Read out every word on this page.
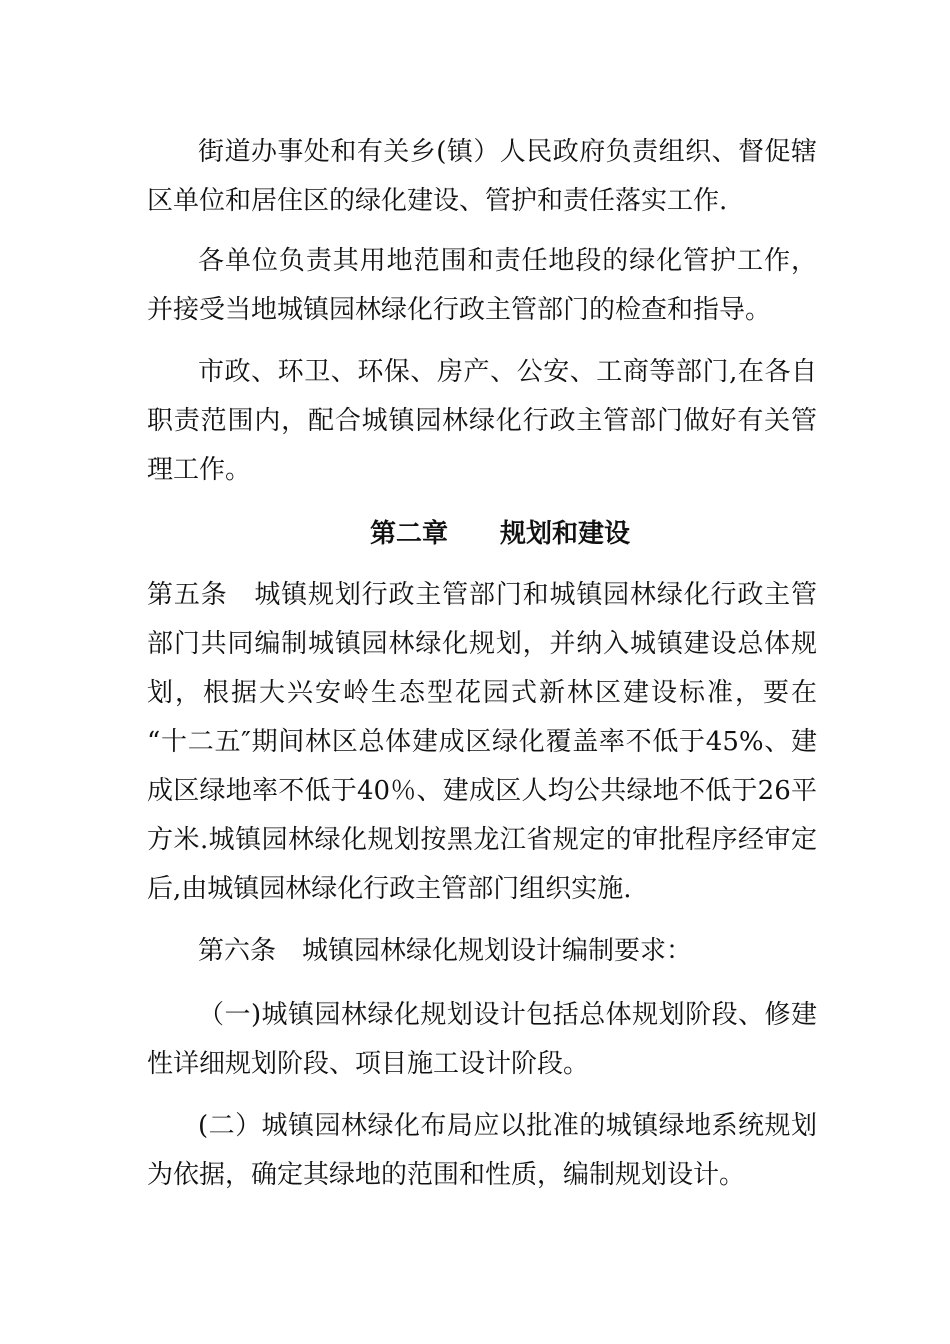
街道办事处和有关乡(镇）人民政府负责组织、督促辖
区单位和居住区的绿化建设、管护和责任落实工作.
各单位负责其用地范围和责任地段的绿化管护工作，
并接受当地城镇园林绿化行政主管部门的检查和指导。
市政、环卫、环保、房产、公安、工商等部门,在各自
职责范围内，配合城镇园林绿化行政主管部门做好有关管
理工作。
第二章　　规划和建设
第五条　城镇规划行政主管部门和城镇园林绿化行政主管
部门共同编制城镇园林绿化规划，并纳入城镇建设总体规
划，根据大兴安岭生态型花园式新林区建设标准，要在
“十二五″期间林区总体建成区绿化覆盖率不低于45%、建
成区绿地率不低于40％、建成区人均公共绿地不低于26平
方米.城镇园林绿化规划按黑龙江省规定的审批程序经审定
后,由城镇园林绿化行政主管部门组织实施.
第六条　城镇园林绿化规划设计编制要求：
（一)城镇园林绿化规划设计包括总体规划阶段、修建
性详细规划阶段、项目施工设计阶段。
(二）城镇园林绿化布局应以批准的城镇绿地系统规划
为依据，确定其绿地的范围和性质，编制规划设计。
